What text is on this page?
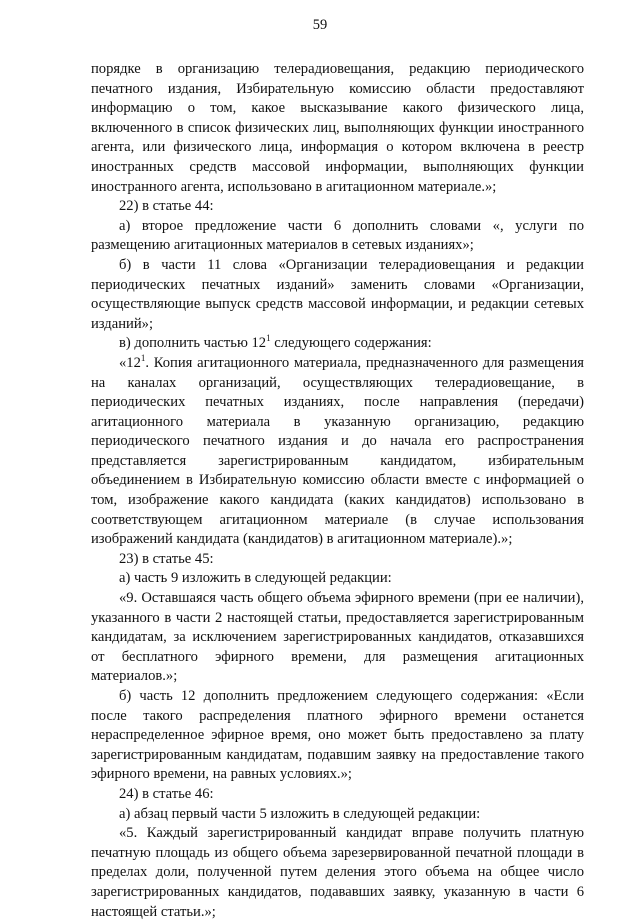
59

порядке в организацию телерадиовещания, редакцию периодического печатного издания, Избирательную комиссию области предоставляют информацию о том, какое высказывание какого физического лица, включенного в список физических лиц, выполняющих функции иностранного агента, или физического лица, информация о котором включена в реестр иностранных средств массовой информации, выполняющих функции иностранного агента, использовано в агитационном материале.»;

22) в статье 44:

а) второе предложение части 6 дополнить словами «, услуги по размещению агитационных материалов в сетевых изданиях»;

б) в части 11 слова «Организации телерадиовещания и редакции периодических печатных изданий» заменить словами «Организации, осуществляющие выпуск средств массовой информации, и редакции сетевых изданий»;

в) дополнить частью $12^1$ следующего содержания:

«$12^1$. Копия агитационного материала, предназначенного для размещения на каналах организаций, осуществляющих телерадиовещание, в периодических печатных изданиях, после направления (передачи) агитационного материала в указанную организацию, редакцию периодического печатного издания и до начала его распространения представляется зарегистрированным кандидатом, избирательным объединением в Избирательную комиссию области вместе с информацией о том, изображение какого кандидата (каких кандидатов) использовано в соответствующем агитационном материале (в случае использования изображений кандидата (кандидатов) в агитационном материале).»;

23) в статье 45:

а) часть 9 изложить в следующей редакции:

«9. Оставшаяся часть общего объема эфирного времени (при ее наличии), указанного в части 2 настоящей статьи, предоставляется зарегистрированным кандидатам, за исключением зарегистрированных кандидатов, отказавшихся от бесплатного эфирного времени, для размещения агитационных материалов.»;

б) часть 12 дополнить предложением следующего содержания: «Если после такого распределения платного эфирного времени останется нераспределенное эфирное время, оно может быть предоставлено за плату зарегистрированным кандидатам, подавшим заявку на предоставление такого эфирного времени, на равных условиях.»;

24) в статье 46:

а) абзац первый части 5 изложить в следующей редакции:

«5. Каждый зарегистрированный кандидат вправе получить платную печатную площадь из общего объема зарезервированной печатной площади в пределах доли, полученной путем деления этого объема на общее число зарегистрированных кандидатов, подававших заявку, указанную в части 6 настоящей статьи.»;
